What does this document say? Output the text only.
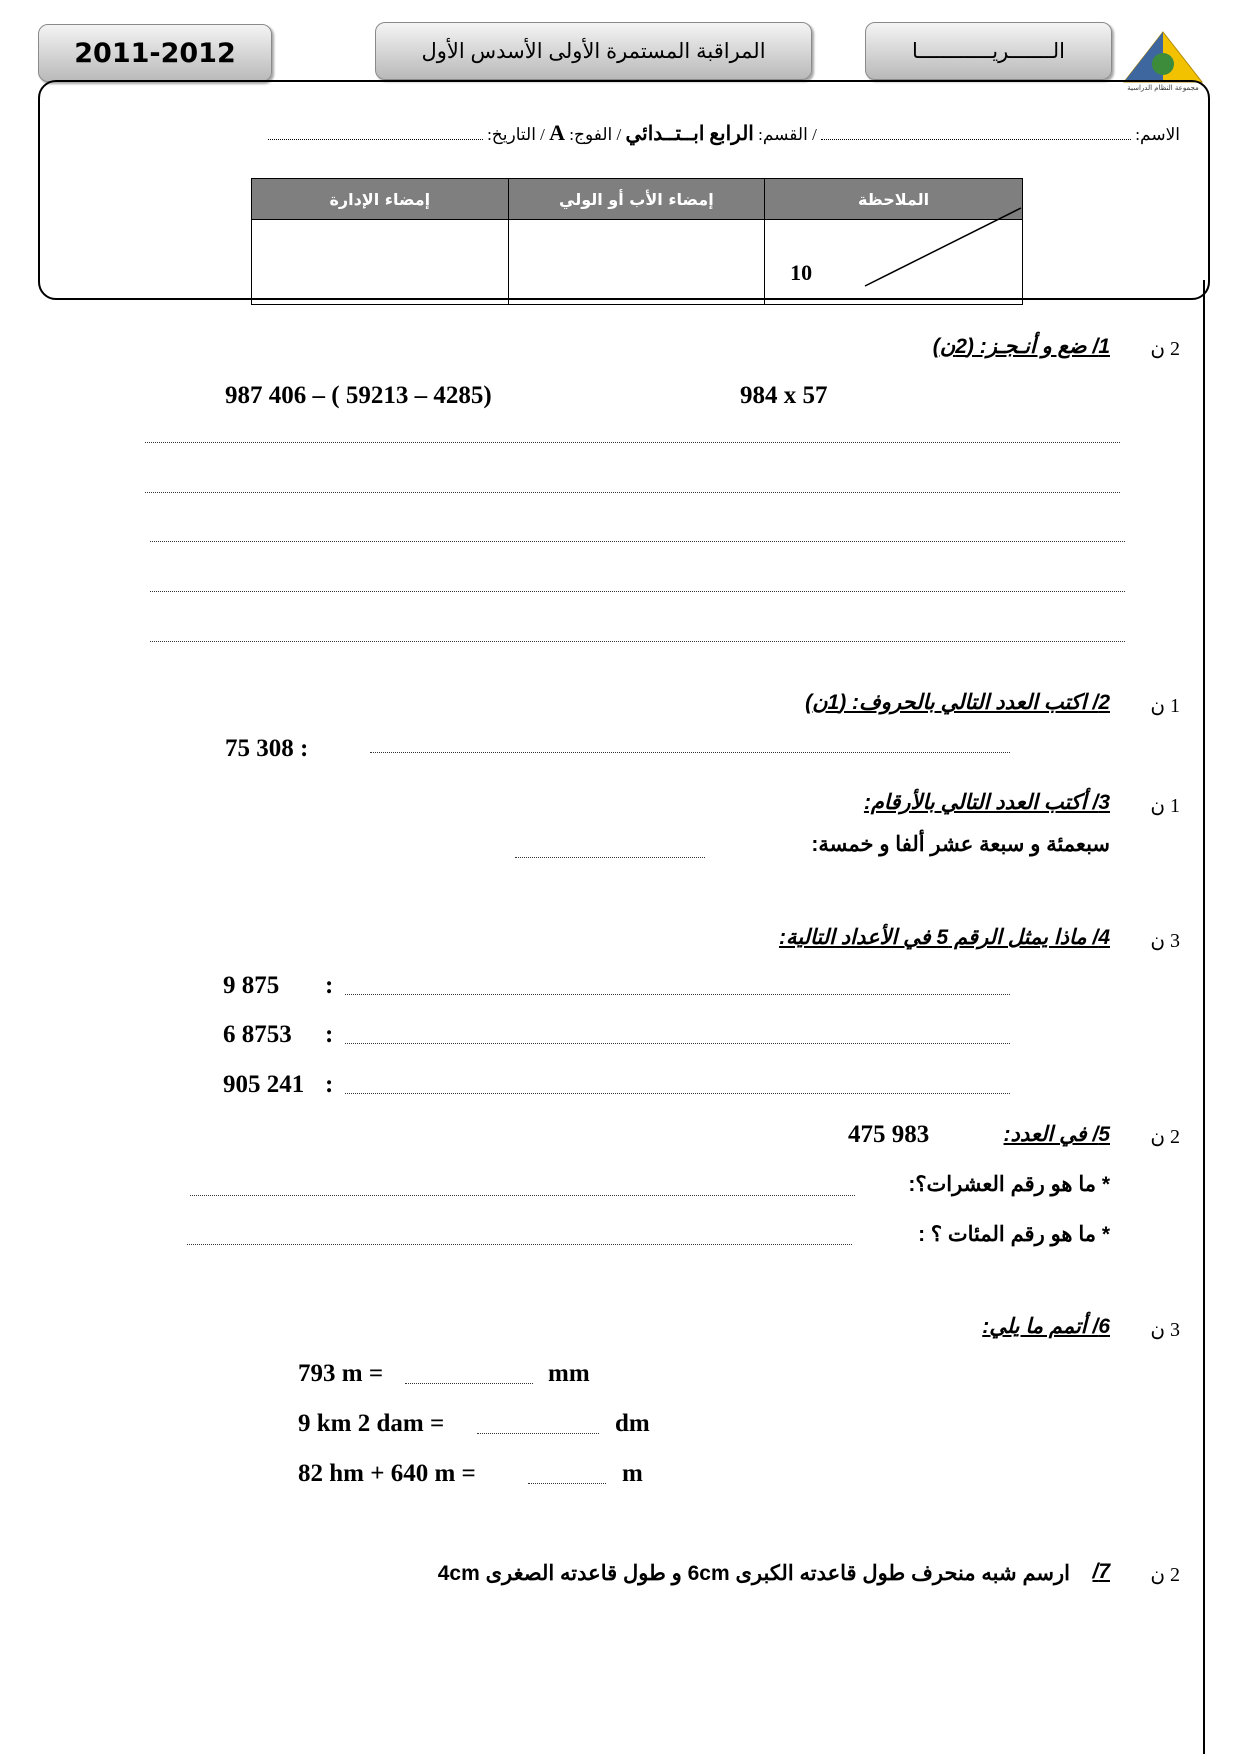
2011-2012	المراقبة المستمرة الأولى الأسدس الأول	الـــــــريــــــــــــا
مجموعة النظام الدراسية
الاسم:  / القسم: الرابع ابــتــدائي / الفوج: A / التاريخ:
الملاحظة	إمضاء الأب أو الولي	إمضاء الإدارة

10		

2 ن
1/ ضع و أنـجـز: (2ن)
987 406 – ( 59213 – 4285)	984 x 57
1 ن
2/ اكتب العدد التالي بالحروف: (1ن)
75 308 :
1 ن
3/ أكتب العدد التالي بالأرقام:
سبعمئة و سبعة عشر ألفا و خمسة:
3 ن
4/ ماذا يمثل الرقم 5 في الأعداد التالية:
9 875 :
6 8753 :
905 241 :
2 ن
5/ في العدد:
475 983
* ما هو رقم العشرات؟:
* ما هو رقم المئات ؟ :
3 ن
6/ أتمم ما يلي:
793 m =	mm
9 km 2 dam =	dm
82 hm + 640 m =	m
2 ن
7/
ارسم شبه منحرف طول قاعدته الكبرى 6cm و طول قاعدته الصغرى 4cm
